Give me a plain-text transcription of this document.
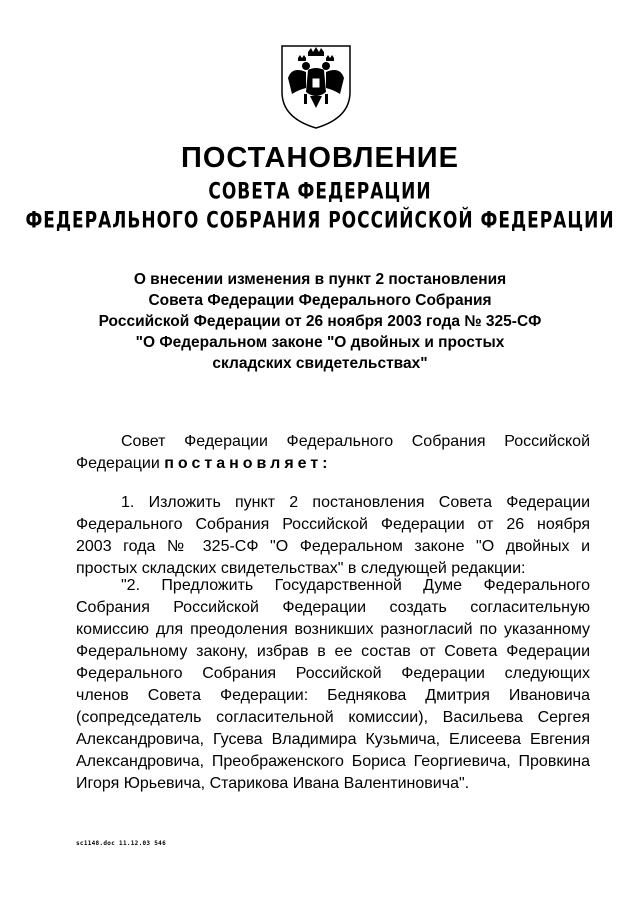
ПОСТАНОВЛЕНИЕ
СОВЕТА ФЕДЕРАЦИИ
ФЕДЕРАЛЬНОГО СОБРАНИЯ РОССИЙСКОЙ ФЕДЕРАЦИИ
О внесении изменения в пункт 2 постановления
Совета Федерации Федерального Собрания
Российской Федерации от 26 ноября 2003 года № 325-СФ
"О Федеральном законе "О двойных и простых
складских свидетельствах"
Совет Федерации Федерального Собрания Российской
Федерации постановляет:
1. Изложить пункт 2 постановления Совета Федерации
Федерального Собрания Российской Федерации от 26 ноября
2003 года № 325-СФ "О Федеральном законе "О двойных и
простых складских свидетельствах" в следующей редакции:
"2. Предложить Государственной Думе Федерального
Собрания Российской Федерации создать согласительную
комиссию для преодоления возникших разногласий по указанному
Федеральному закону, избрав в ее состав от Совета Федерации
Федерального Собрания Российской Федерации следующих
членов Совета Федерации: Беднякова Дмитрия Ивановича
(сопредседатель согласительной комиссии), Васильева Сергея
Александровича, Гусева Владимира Кузьмича, Елисеева Евгения
Александровича, Преображенского Бориса Георгиевича, Провкина
Игоря Юрьевича, Старикова Ивана Валентиновича".
sс1148.doc 11.12.03 546
